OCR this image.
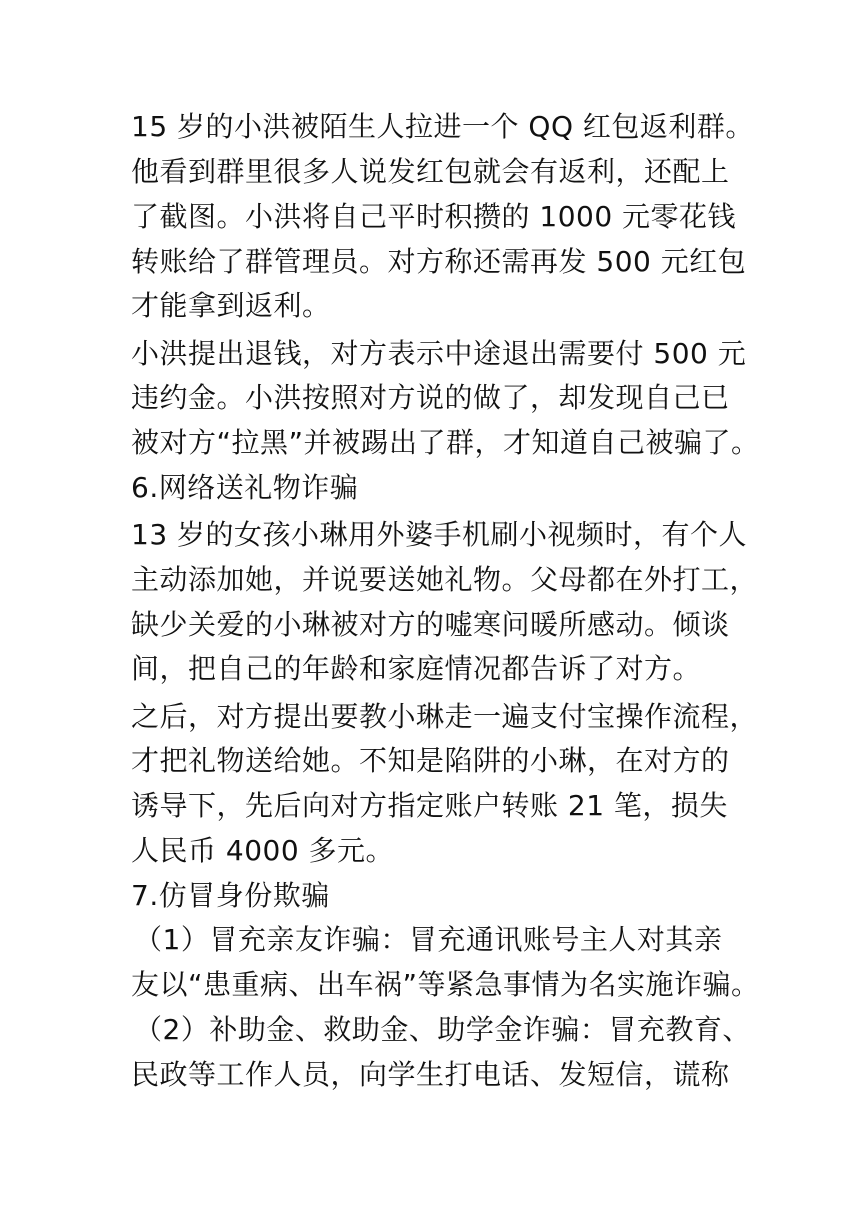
15 岁的小洪被陌生人拉进一个 QQ 红包返利群。
他看到群里很多人说发红包就会有返利，还配上
了截图。小洪将自己平时积攒的 1000 元零花钱
转账给了群管理员。对方称还需再发 500 元红包
才能拿到返利。
小洪提出退钱，对方表示中途退出需要付 500 元
违约金。小洪按照对方说的做了，却发现自己已
被对方“拉黑”并被踢出了群，才知道自己被骗了。
6.网络送礼物诈骗
13 岁的女孩小琳用外婆手机刷小视频时，有个人
主动添加她，并说要送她礼物。父母都在外打工，
缺少关爱的小琳被对方的嘘寒问暖所感动。倾谈
间，把自己的年龄和家庭情况都告诉了对方。
之后，对方提出要教小琳走一遍支付宝操作流程，
才把礼物送给她。不知是陷阱的小琳，在对方的
诱导下，先后向对方指定账户转账 21 笔，损失
人民币 4000 多元。
7.仿冒身份欺骗
（1）冒充亲友诈骗：冒充通讯账号主人对其亲
友以“患重病、出车祸”等紧急事情为名实施诈骗。
（2）补助金、救助金、助学金诈骗：冒充教育、
民政等工作人员，向学生打电话、发短信，谎称
